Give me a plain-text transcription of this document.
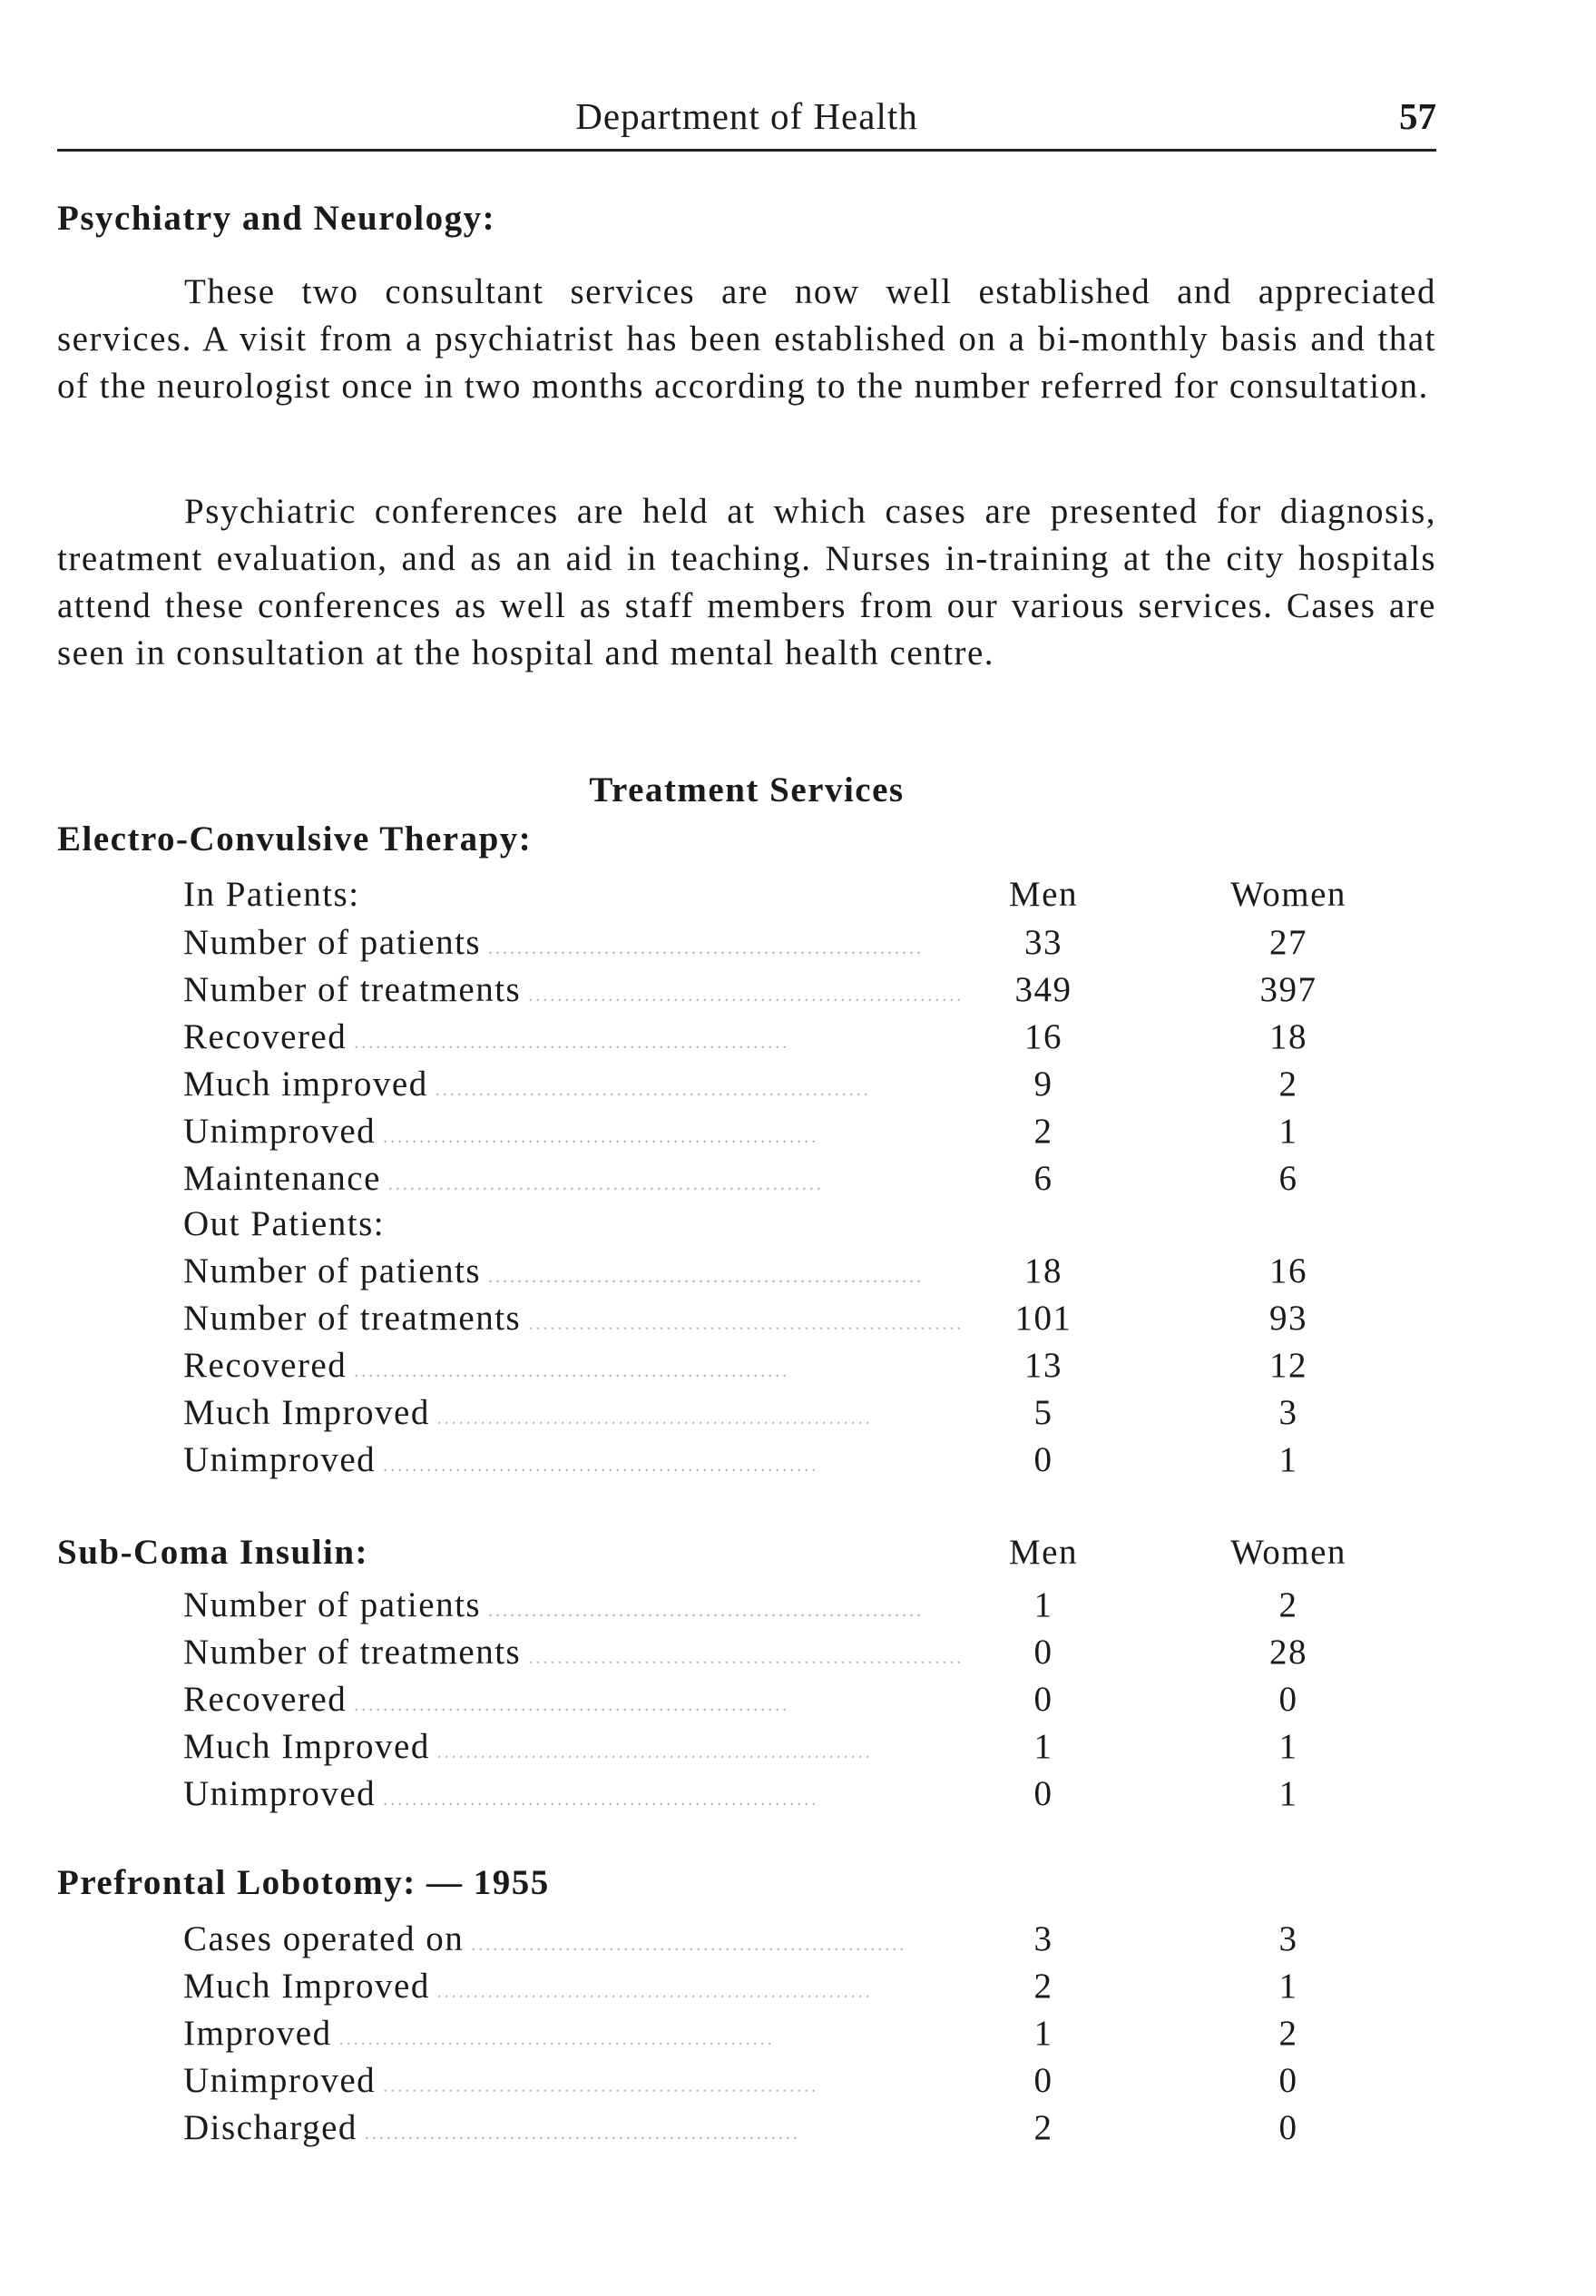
Department of Health	57
Psychiatry and Neurology:
These two consultant services are now well established and appreciated services. A visit from a psychiatrist has been established on a bi-monthly basis and that of the neurologist once in two months according to the number referred for consultation.
Psychiatric conferences are held at which cases are presented for diagnosis, treatment evaluation, and as an aid in teaching. Nurses in-training at the city hospitals attend these conferences as well as staff members from our various services. Cases are seen in consultation at the hospital and mental health centre.
Treatment Services
Electro-Convulsive Therapy:
In Patients:	Men	Women
Number of patients ............................................................	33	27
Number of treatments ............................................................	349	397
Recovered ............................................................	16	18
Much improved ............................................................	9	2
Unimproved ............................................................	2	1
Maintenance ............................................................	6	6
Out Patients:
Number of patients ............................................................	18	16
Number of treatments ............................................................	101	93
Recovered ............................................................	13	12
Much Improved ............................................................	5	3
Unimproved ............................................................	0	1
Sub-Coma Insulin:	Men	Women
Number of patients ............................................................	1	2
Number of treatments ............................................................	0	28
Recovered ............................................................	0	0
Much Improved ............................................................	1	1
Unimproved ............................................................	0	1
Prefrontal Lobotomy: — 1955
Cases operated on ............................................................	3	3
Much Improved ............................................................	2	1
Improved ............................................................	1	2
Unimproved ............................................................	0	0
Discharged ............................................................	2	0
